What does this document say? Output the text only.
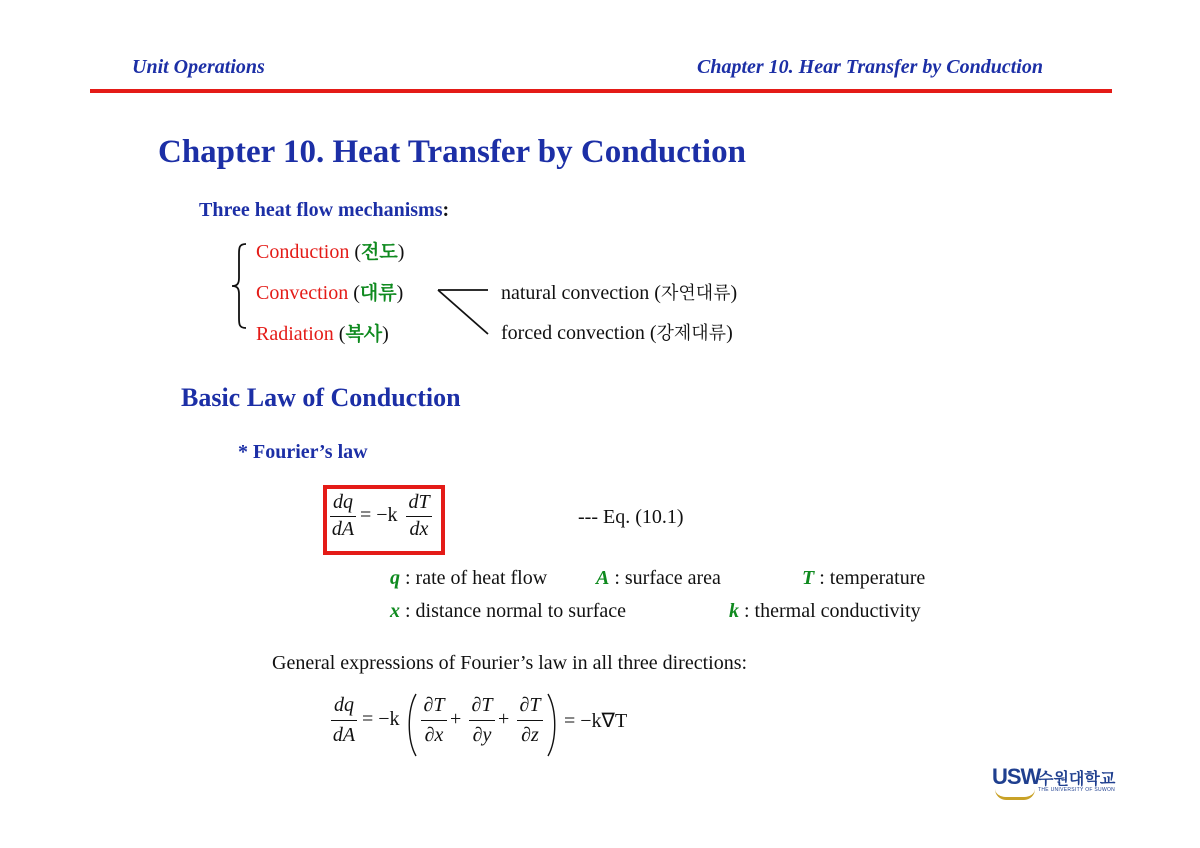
Unit Operations	Chapter 10. Hear Transfer by Conduction
Chapter 10. Heat Transfer by Conduction
Three heat flow mechanisms:
Conduction (전도)
Convection (대류)
Radiation (복사)
natural convection (자연대류)
forced convection (강제대류)
Basic Law of Conduction
* Fourier’s law
dq
dA
= −k
dT
dx
--- Eq. (10.1)
q : rate of heat flow A : surface area	T : temperature
x : distance normal to surface	k : thermal conductivity
General expressions of Fourier’s law in all three directions:
dq
dA
= −k
∂T
∂x
+
∂T
∂y
+
∂T
∂z
= −k∇T
USW
수원대학교
THE UNIVERSITY OF SUWON
